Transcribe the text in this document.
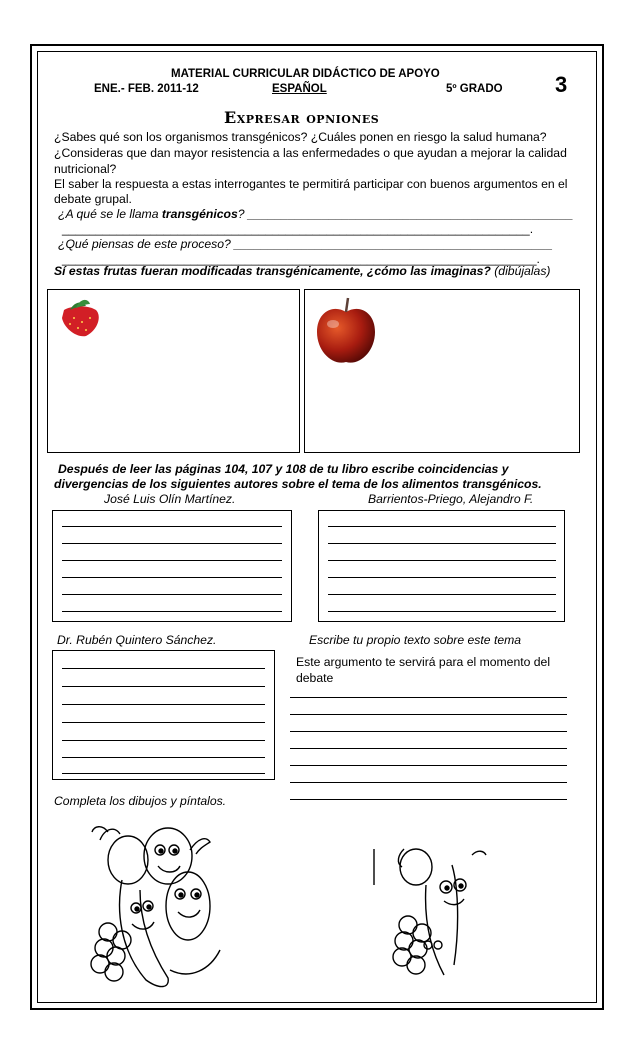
MATERIAL CURRICULAR DIDÁCTICO DE APOYO
ENE.- FEB. 2011-12	ESPAÑOL	5º GRADO 3
Expresar opniones
¿Sabes qué son los organismos transgénicos? ¿Cuáles ponen en riesgo la salud humana?
¿Consideras que dan mayor resistencia a las enfermedades o que ayudan a mejorar la calidad
nutricional?
El saber la respuesta a estas interrogantes te permitirá participar con buenos argumentos en el
debate grupal.
¿A qué se le llama transgénicos? ________________________________________________
_____________________________________________________________________.
¿Qué piensas de este proceso? _______________________________________________
______________________________________________________________________.
Sí estas frutas fueran modificadas transgénicamente, ¿cómo las imaginas? (dibújalas)
Después de leer las páginas 104, 107 y 108 de tu libro escribe coincidencias y
divergencias de los siguientes autores sobre el tema de los alimentos transgénicos.
José Luis Olín Martínez.	Barrientos-Priego, Alejandro F.
Dr. Rubén Quintero Sánchez.	Escribe tu propio texto sobre este tema
Este argumento te servirá para el momento del
debate
Completa los dibujos y píntalos.
